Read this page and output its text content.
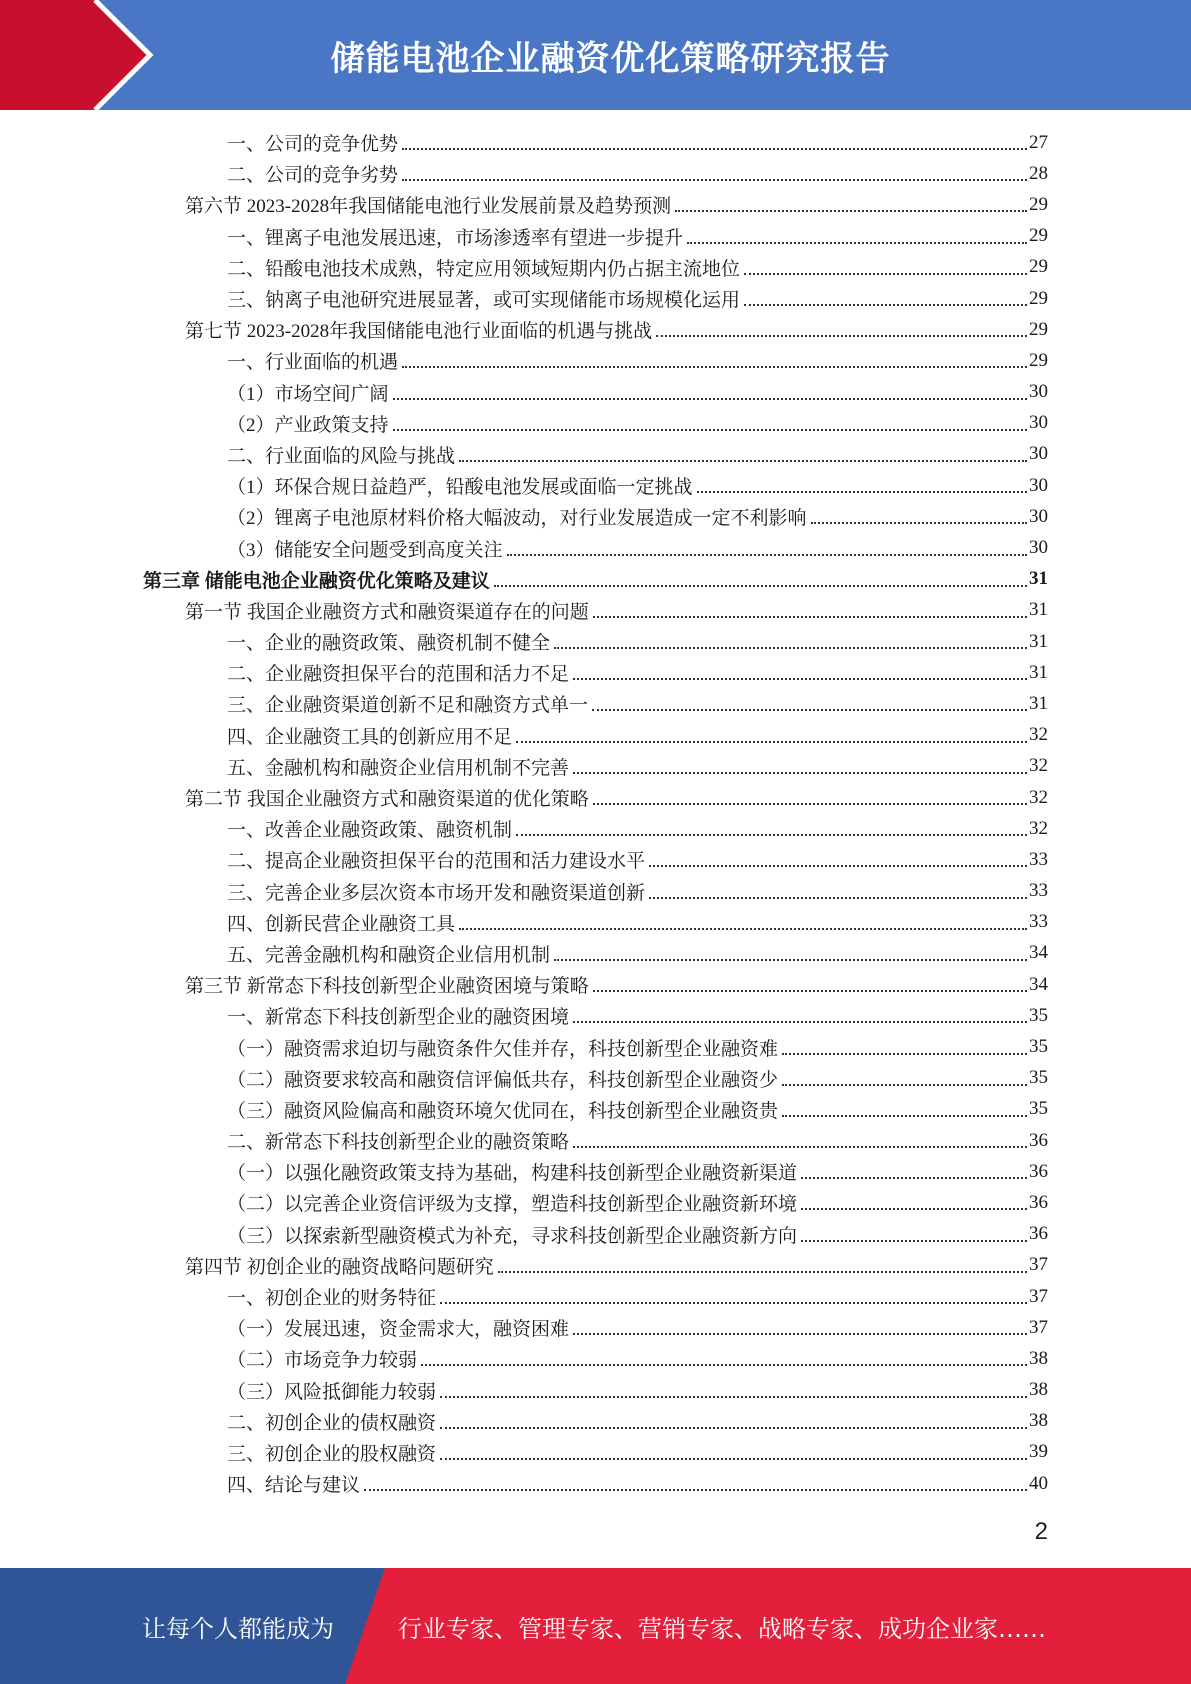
储能电池企业融资优化策略研究报告
一、公司的竞争优势	27
二、公司的竞争劣势	28
第六节 2023-2028年我国储能电池行业发展前景及趋势预测	29
一、锂离子电池发展迅速，市场渗透率有望进一步提升	29
二、铅酸电池技术成熟，特定应用领域短期内仍占据主流地位	29
三、钠离子电池研究进展显著，或可实现储能市场规模化运用	29
第七节 2023-2028年我国储能电池行业面临的机遇与挑战	29
一、行业面临的机遇	29
（1）市场空间广阔	30
（2）产业政策支持	30
二、行业面临的风险与挑战	30
（1）环保合规日益趋严，铅酸电池发展或面临一定挑战	30
（2）锂离子电池原材料价格大幅波动，对行业发展造成一定不利影响	30
（3）储能安全问题受到高度关注	30
第三章 储能电池企业融资优化策略及建议	31
第一节 我国企业融资方式和融资渠道存在的问题	31
一、企业的融资政策、融资机制不健全	31
二、企业融资担保平台的范围和活力不足	31
三、企业融资渠道创新不足和融资方式单一	31
四、企业融资工具的创新应用不足	32
五、金融机构和融资企业信用机制不完善	32
第二节 我国企业融资方式和融资渠道的优化策略	32
一、改善企业融资政策、融资机制	32
二、提高企业融资担保平台的范围和活力建设水平	33
三、完善企业多层次资本市场开发和融资渠道创新	33
四、创新民营企业融资工具	33
五、完善金融机构和融资企业信用机制	34
第三节 新常态下科技创新型企业融资困境与策略	34
一、新常态下科技创新型企业的融资困境	35
（一）融资需求迫切与融资条件欠佳并存，科技创新型企业融资难	35
（二）融资要求较高和融资信评偏低共存，科技创新型企业融资少	35
（三）融资风险偏高和融资环境欠优同在，科技创新型企业融资贵	35
二、新常态下科技创新型企业的融资策略	36
（一）以强化融资政策支持为基础，构建科技创新型企业融资新渠道	36
（二）以完善企业资信评级为支撑，塑造科技创新型企业融资新环境	36
（三）以探索新型融资模式为补充，寻求科技创新型企业融资新方向	36
第四节 初创企业的融资战略问题研究	37
一、初创企业的财务特征	37
（一）发展迅速，资金需求大，融资困难	37
（二）市场竞争力较弱	38
（三）风险抵御能力较弱	38
二、初创企业的债权融资	38
三、初创企业的股权融资	39
四、结论与建议	40
2
让每个人都能成为	行业专家、管理专家、营销专家、战略专家、成功企业家……
